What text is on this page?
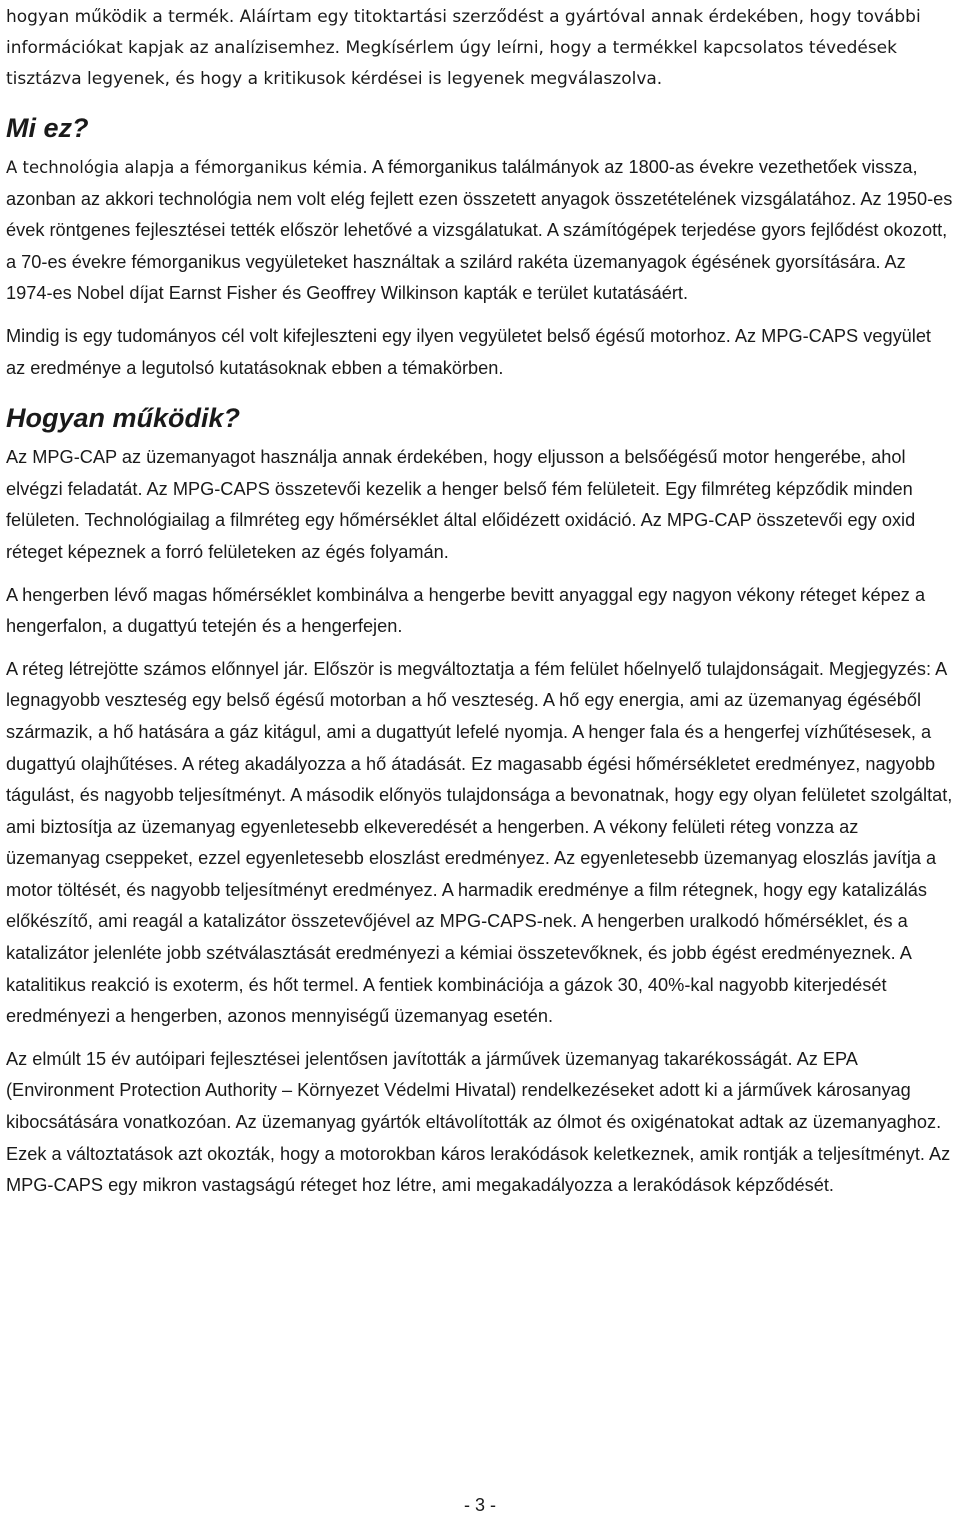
hogyan működik a termék. Aláírtam egy titoktartási szerződést a gyártóval annak érdekében, hogy további információkat kapjak az analízisemhez. Megkísérlem úgy leírni, hogy a termékkel kapcsolatos tévedések tisztázva legyenek, és hogy a kritikusok kérdései is legyenek megválaszolva.

Mi ez?

A technológia alapja a fémorganikus kémia. A fémorganikus találmányok az 1800-as évekre vezethetőek vissza, azonban az akkori technológia nem volt elég fejlett ezen összetett anyagok összetételének vizsgálatához. Az 1950-es évek röntgenes fejlesztései tették először lehetővé a vizsgálatukat. A számítógépek terjedése gyors fejlődést okozott, a 70-es évekre fémorganikus vegyületeket használtak a szilárd rakéta üzemanyagok égésének gyorsítására. Az 1974-es Nobel díjat Earnst Fisher és Geoffrey Wilkinson kapták e terület kutatásáért.

Mindig is egy tudományos cél volt kifejleszteni egy ilyen vegyületet belső égésű motorhoz. Az MPG-CAPS vegyület az eredménye a legutolsó kutatásoknak ebben a témakörben.

Hogyan működik?

Az MPG-CAP az üzemanyagot használja annak érdekében, hogy eljusson a belsőégésű motor hengerébe, ahol elvégzi feladatát. Az MPG-CAPS összetevői kezelik a henger belső fém felületeit. Egy filmréteg képződik minden felületen. Technológiailag a filmréteg egy hőmérséklet által előidézett oxidáció. Az MPG-CAP összetevői egy oxid réteget képeznek a forró felületeken az égés folyamán.

A hengerben lévő magas hőmérséklet kombinálva a hengerbe bevitt anyaggal egy nagyon vékony réteget képez a hengerfalon, a dugattyú tetején és a hengerfejen.

A réteg létrejötte számos előnnyel jár. Először is megváltoztatja a fém felület hőelnyelő tulajdonságait. Megjegyzés: A legnagyobb veszteség egy belső égésű motorban a hő veszteség. A hő egy energia, ami az üzemanyag égéséből származik, a hő hatására a gáz kitágul, ami a dugattyút lefelé nyomja. A henger fala és a hengerfej vízhűtésesek, a dugattyú olajhűtéses. A réteg akadályozza a hő átadását. Ez magasabb égési hőmérsékletet eredményez, nagyobb tágulást, és nagyobb teljesítményt. A második előnyös tulajdonsága a bevonatnak, hogy egy olyan felületet szolgáltat, ami biztosítja az üzemanyag egyenletesebb elkeveredését a hengerben. A vékony felületi réteg vonzza az üzemanyag cseppeket, ezzel egyenletesebb eloszlást eredményez. Az egyenletesebb üzemanyag eloszlás javítja a motor töltését, és nagyobb teljesítményt eredményez. A harmadik eredménye a film rétegnek, hogy egy katalizálás előkészítő, ami reagál a katalizátor összetevőjével az MPG-CAPS-nek. A hengerben uralkodó hőmérséklet, és a katalizátor jelenléte jobb szétválasztását eredményezi a kémiai összetevőknek, és jobb égést eredményeznek. A katalitikus reakció is exoterm, és hőt termel. A fentiek kombinációja a gázok 30, 40%-kal nagyobb kiterjedését eredményezi a hengerben, azonos mennyiségű üzemanyag esetén.

Az elmúlt 15 év autóipari fejlesztései jelentősen javították a járművek üzemanyag takarékosságát. Az EPA (Environment Protection Authority – Környezet Védelmi Hivatal) rendelkezéseket adott ki a járművek károsanyag kibocsátására vonatkozóan. Az üzemanyag gyártók eltávolították az ólmot és oxigénatokat adtak az üzemanyaghoz. Ezek a változtatások azt okozták, hogy a motorokban káros lerakódások keletkeznek, amik rontják a teljesítményt. Az MPG-CAPS egy mikron vastagságú réteget hoz létre, ami megakadályozza a lerakódások képződését.

- 3 -
